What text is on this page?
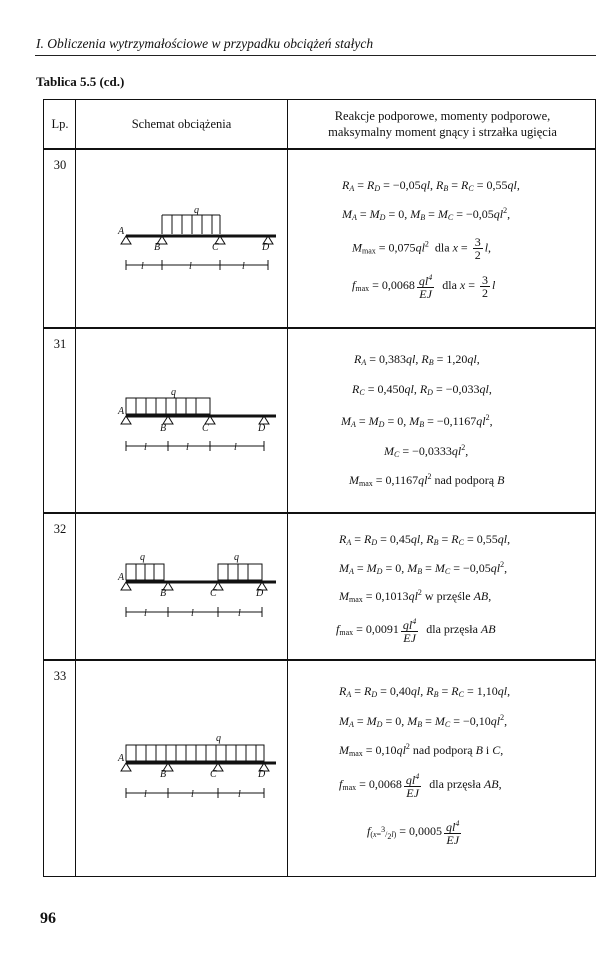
I. Obliczenia wytrzymałościowe w przypadku obciążeń stałych
Tablica 5.5 (cd.)
Lp.	Schemat obciążenia
Reakcje podporowe, momenty podporowe,
maksymalny moment gnący i strzałka ugięcia
30
q
A
B	C	D
l	l	l
$R_A = R_D = -0,05ql$, $R_B = R_C = 0,55ql$,
$M_A = M_D = 0$, $M_B = M_C = -0,05ql^2$,
$M_{max} = 0,075ql^2$  dla $x = \frac{3}{2} l$,
$f_{max} = 0,0068 \frac{ql^4}{EJ}$ dla $x = \frac{3}{2}$ l
31
q
A
B	C	D
l	l	l
$R_A = 0,383ql$, $R_B = 1,20ql$,
$R_C = 0,450ql$, $R_D = -0,033ql$,
$M_A = M_D = 0$, $M_B = -0,1167ql^2$,
$M_C = -0,0333ql^2$,
$M_{max} = 0,1167ql^2$ nad podporą B
32
q	q
A
B	C	D
l	l	l
$R_A = R_D = 0,45ql$, $R_B = R_C = 0,55ql$,
$M_A = M_D = 0$, $M_B = M_C = -0,05ql^2$,
$M_{max} = 0,1013ql^2$ w przęśle AB,
$f_{max} = 0,0091 \frac{ql^4}{EJ}$ dla przęsła AB
33
q
A
B	C	D
l	l	l
$R_A = R_D = 0,40ql$, $R_B = R_C = 1,10ql$,
$M_A = M_D = 0$, $M_B = M_C = -0,10ql^2$,
$M_{max} = 0,10ql^2$ nad podporą B i C,
$f_{max} = 0,0068 \frac{ql^4}{EJ}$ dla przęsła AB,
$f_{(x=^3/_2l)} = 0,0005 \frac{ql^4}{EJ}$
96
